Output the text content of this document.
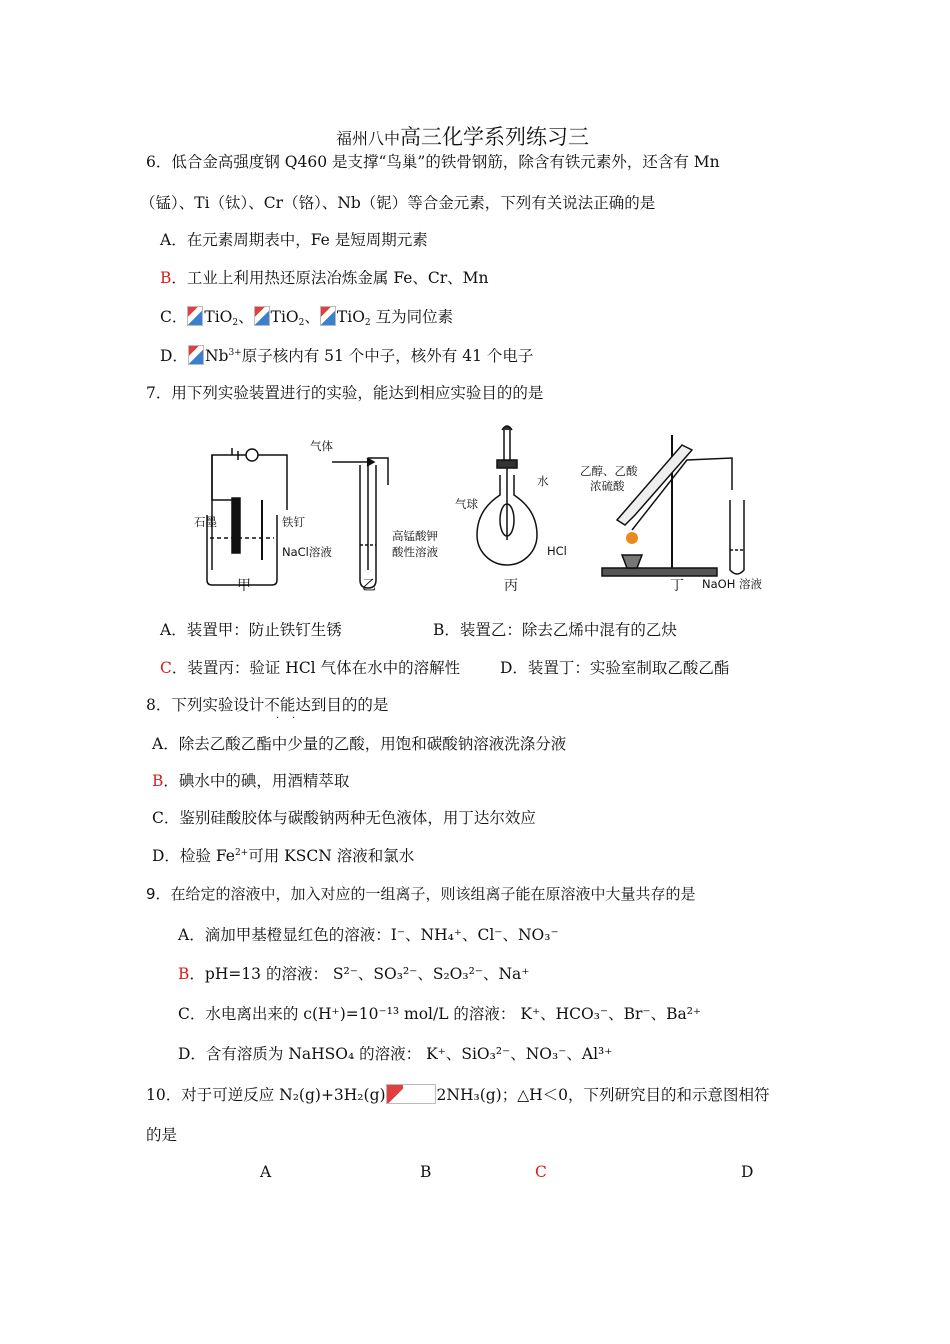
福州八中高三化学系列练习三
6．低合金高强度钢 Q460 是支撑“鸟巢”的铁骨钢筋，除含有铁元素外，还含有 Mn
（锰）、Ti（钛）、Cr（铬）、Nb（铌）等合金元素，下列有关说法正确的是
A．在元素周期表中，Fe 是短周期元素
B．工业上利用热还原法冶炼金属 Fe、Cr、Mn
C． TiO$_2$、 TiO$_2$、 TiO$_2$ 互为同位素
D． $Nb^{3+}$原子核内有 51 个中子，核外有 41 个电子
7．用下列实验装置进行的实验，能达到相应实验目的的是
石墨	铁钉
NaCl溶液
甲
气体
高锰酸钾
酸性溶液
乙
水
气球
HCl
丙
乙醇、乙酸
浓硫酸
NaOH 溶液
丁
A．装置甲：防止铁钉生锈	B．装置乙：除去乙烯中混有的乙炔
C．装置丙：验证 HCl 气体在水中的溶解性	D．装置丁：实验室制取乙酸乙酯
8．下列实验设计不能达到目的的是
· ·
A．除去乙酸乙酯中少量的乙酸，用饱和碳酸钠溶液洗涤分液
B．碘水中的碘，用酒精萃取
C．鉴别硅酸胶体与碳酸钠两种无色液体，用丁达尔效应
D．检验 $Fe^{2+}$可用 KSCN 溶液和氯水
9．在给定的溶液中，加入对应的一组离子，则该组离子能在原溶液中大量共存的是
A．滴加甲基橙显红色的溶液：I⁻、NH₄⁺、Cl⁻、NO₃⁻
B．pH=13 的溶液： S²⁻、SO₃²⁻、S₂O₃²⁻、Na⁺
C．水电离出来的 c(H⁺)=10⁻¹³ mol/L 的溶液： K⁺、HCO₃⁻、Br⁻、Ba²⁺
D．含有溶质为 NaHSO₄ 的溶液： K⁺、SiO₃²⁻、NO₃⁻、Al³⁺
10．对于可逆反应 N₂(g)+3H₂(g)	2NH₃(g)；△H＜0，下列研究目的和示意图相符
的是
A	B	C	D
